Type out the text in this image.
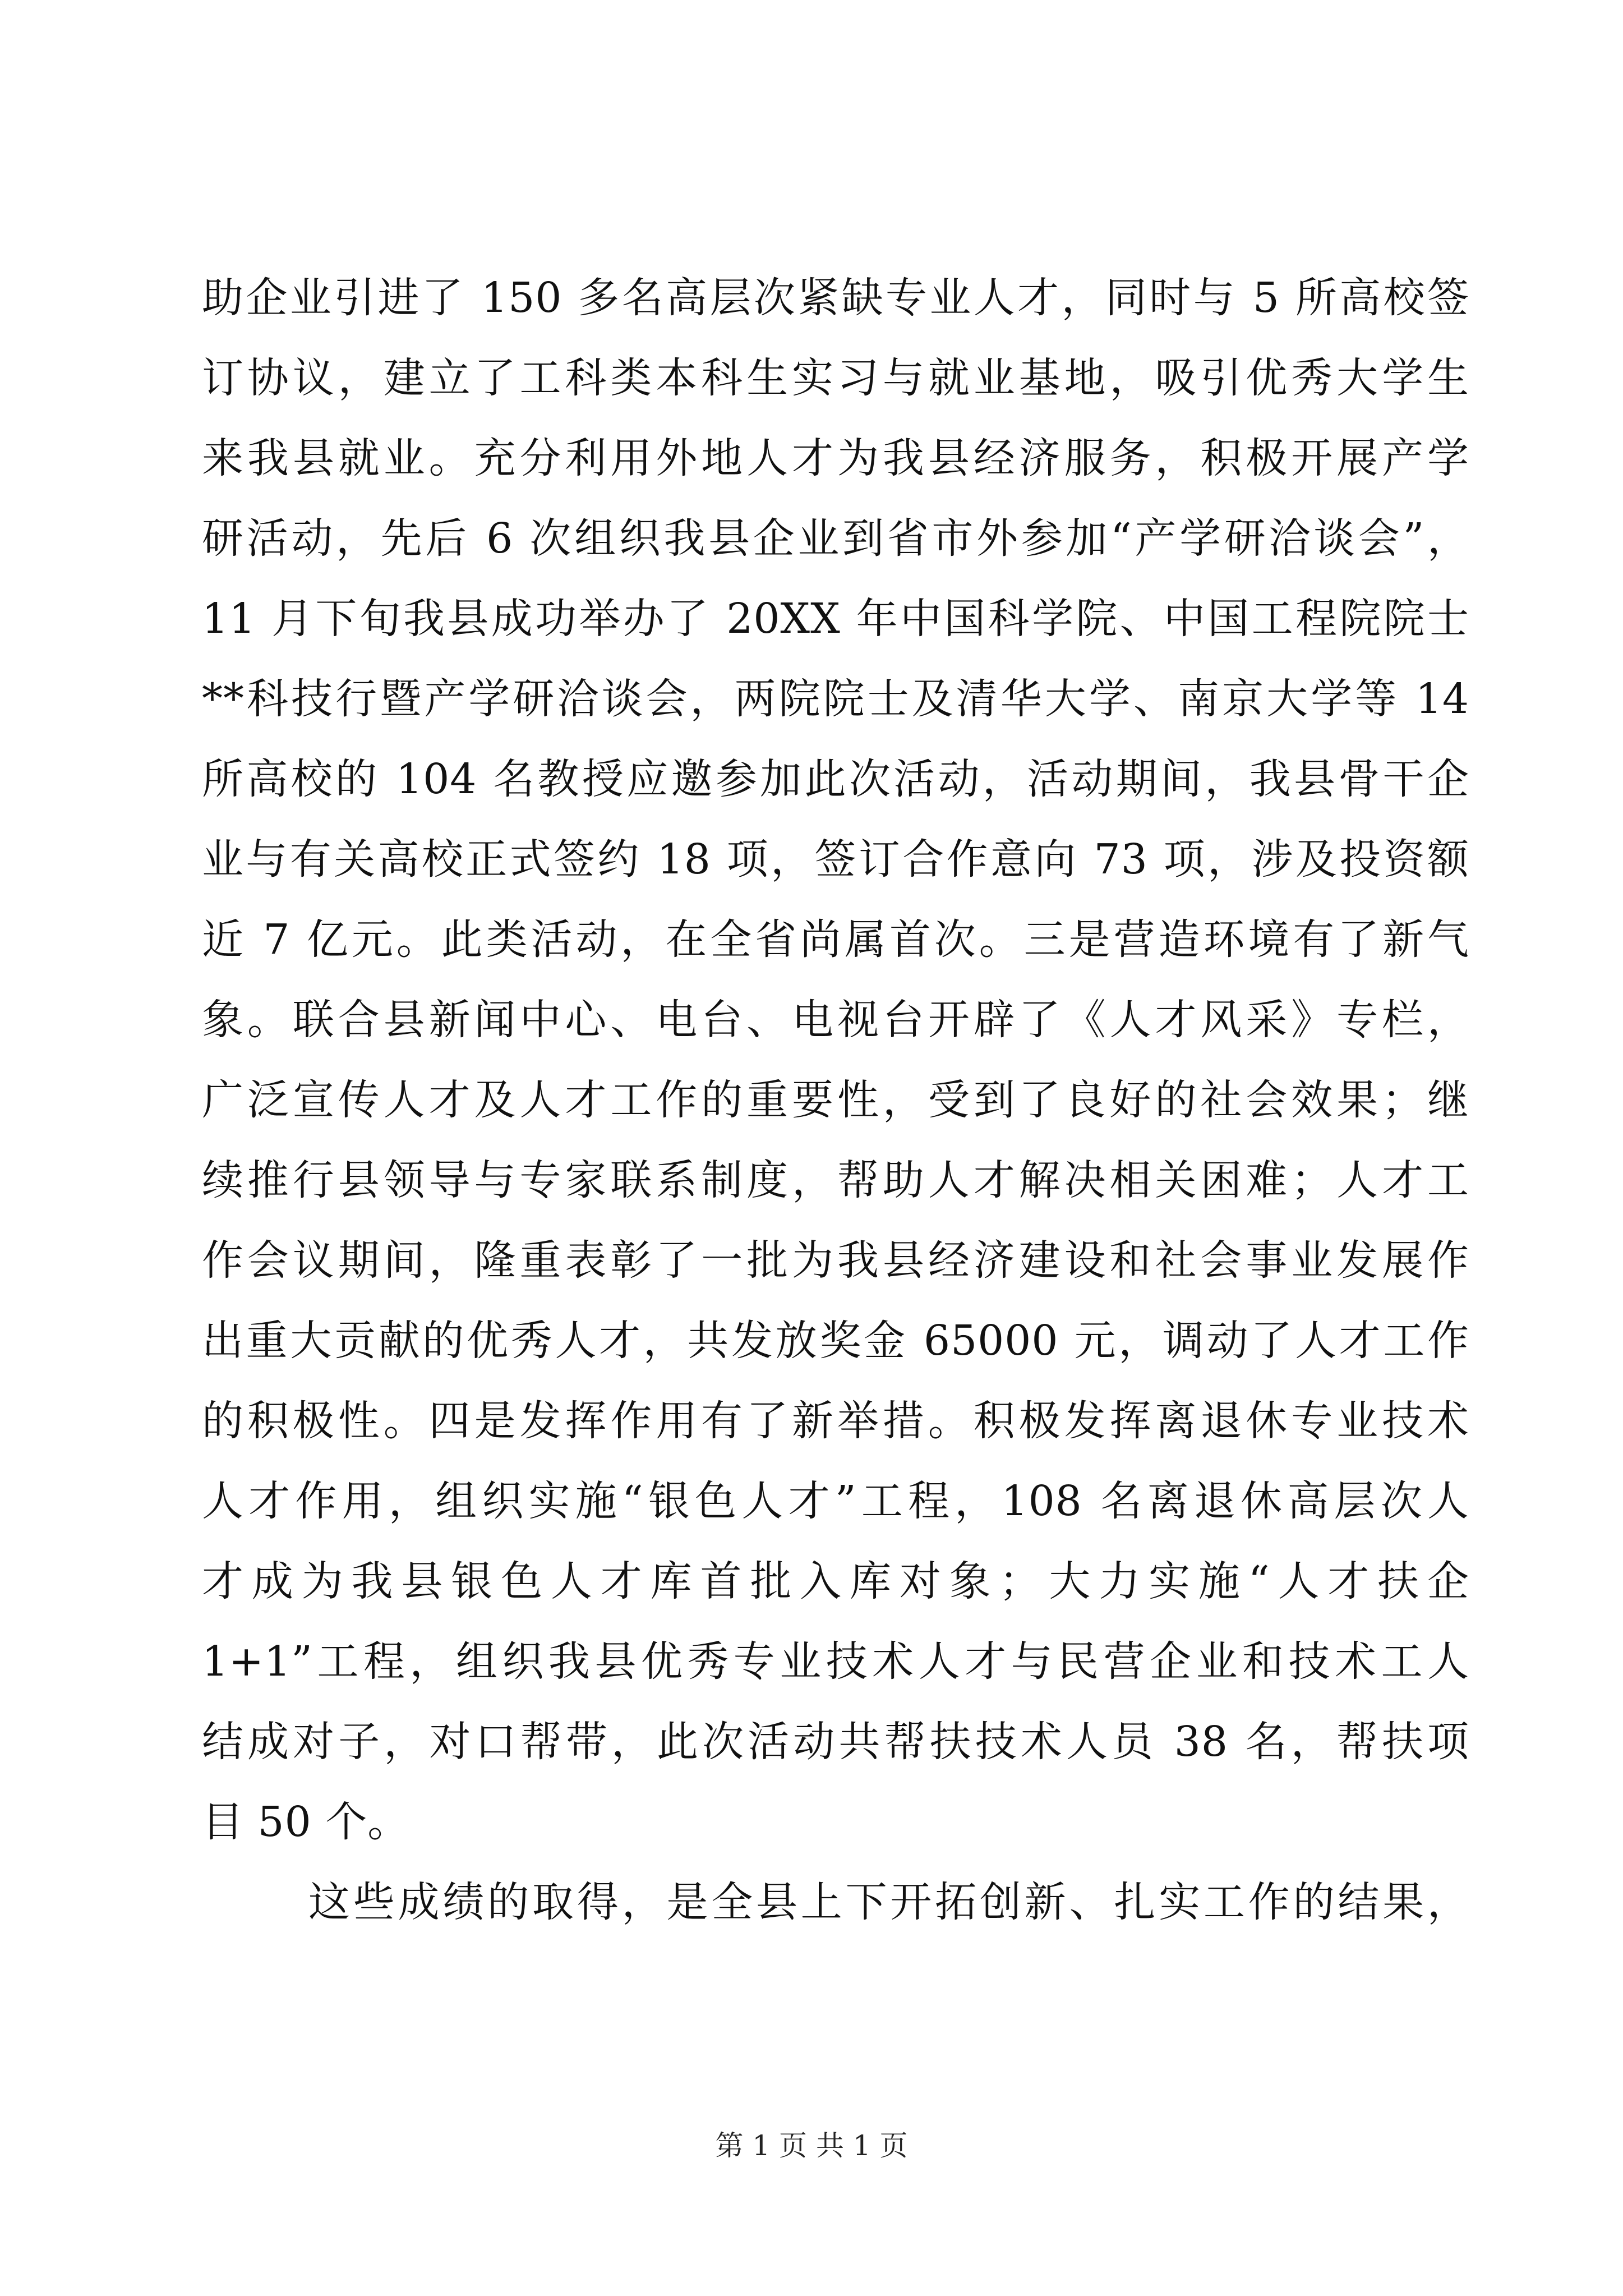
助企业引进了 150 多名高层次紧缺专业人才，同时与 5 所高校签
订协议，建立了工科类本科生实习与就业基地，吸引优秀大学生
来我县就业。充分利用外地人才为我县经济服务，积极开展产学
研活动，先后 6 次组织我县企业到省市外参加“产学研洽谈会”，
11 月下旬我县成功举办了 20XX 年中国科学院、中国工程院院士
**科技行暨产学研洽谈会，两院院士及清华大学、南京大学等 14
所高校的 104 名教授应邀参加此次活动，活动期间，我县骨干企
业与有关高校正式签约 18 项，签订合作意向 73 项，涉及投资额
近 7 亿元。此类活动，在全省尚属首次。三是营造环境有了新气
象。联合县新闻中心、电台、电视台开辟了《人才风采》专栏，
广泛宣传人才及人才工作的重要性，受到了良好的社会效果；继
续推行县领导与专家联系制度，帮助人才解决相关困难；人才工
作会议期间，隆重表彰了一批为我县经济建设和社会事业发展作
出重大贡献的优秀人才，共发放奖金 65000 元，调动了人才工作
的积极性。四是发挥作用有了新举措。积极发挥离退休专业技术
人才作用，组织实施“银色人才”工程，108 名离退休高层次人
才成为我县银色人才库首批入库对象；大力实施“人才扶企
1+1”工程，组织我县优秀专业技术人才与民营企业和技术工人
结成对子，对口帮带，此次活动共帮扶技术人员 38 名，帮扶项
目 50 个。
这些成绩的取得，是全县上下开拓创新、扎实工作的结果，
第 1 页 共 1 页
